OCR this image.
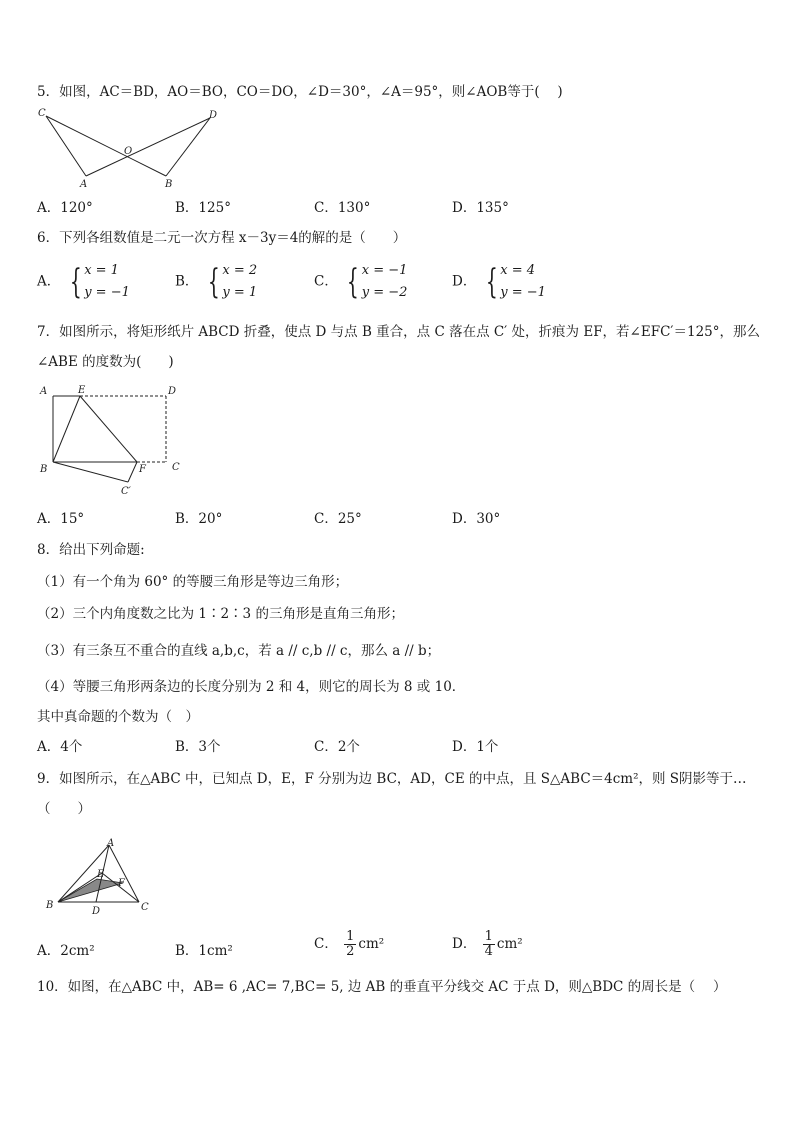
5．如图，AC＝BD，AO＝BO，CO＝DO，∠D＝30°，∠A＝95°，则∠AOB等于(　 )
C	D
O
A	B
A．120°	B．125°	C．130°	D．135°
6．下列各组数值是二元一次方程 x－3y＝4的解的是（　　）
A． { x = 1
y = −1
B． { x = 2
y = 1
C． { x = −1
y = −2
D． { x = 4
y = −1
7．如图所示，将矩形纸片 ABCD 折叠，使点 D 与点 B 重合，点 C 落在点 C′ 处，折痕为 EF，若∠EFC′＝125°，那么
∠ABE 的度数为(　　)
A	E	D
B	F	C
C′
A．15°	B．20°	C．25°	D．30°
8．给出下列命题:
（1）有一个角为 60° 的等腰三角形是等边三角形；
（2）三个内角度数之比为 1∶2∶3 的三角形是直角三角形；
（3）有三条互不重合的直线 a,b,c，若 a // c,b // c，那么 a // b；
（4）等腰三角形两条边的长度分别为 2 和 4，则它的周长为 8 或 10．
其中真命题的个数为（　）
A．4个	B．3个	C．2个	D．1个
9．如图所示，在△ABC 中，已知点 D，E，F 分别为边 BC，AD，CE 的中点，且 S△ABC＝4cm²，则 S阴影等于…
（　　）
A
E
F
B
D	C
A．2cm²	B．1cm²	C． $\frac{1}{2} cm^2$	D． $\frac{1}{4} cm^2$
10．如图，在△ABC 中，AB= 6 ,AC= 7,BC= 5, 边 AB 的垂直平分线交 AC 于点 D，则△BDC 的周长是（　 ）
